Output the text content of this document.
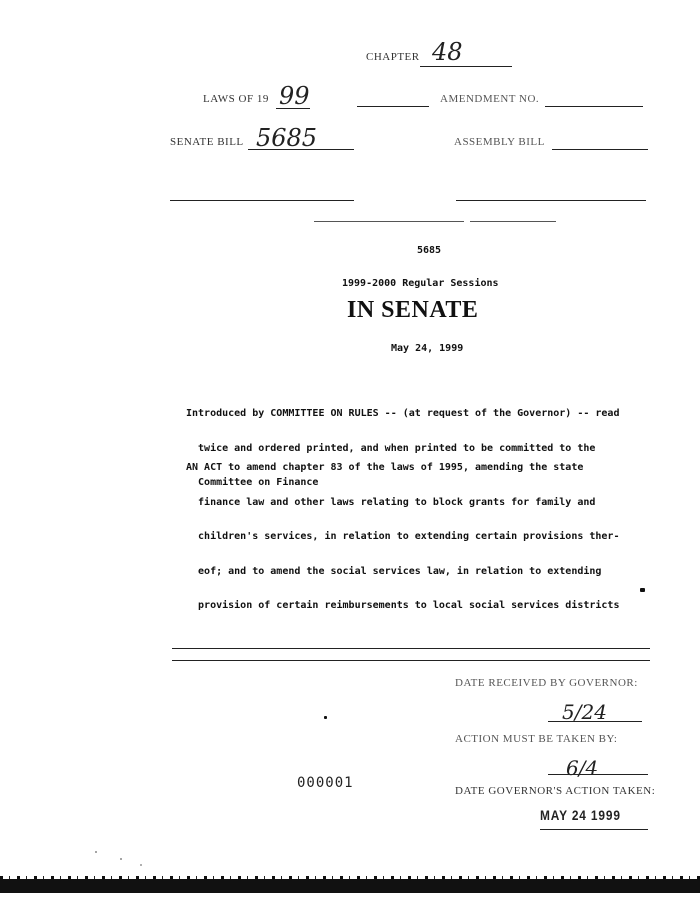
CHAPTER 48
LAWS OF 19 99	AMENDMENT NO.
SENATE BILL 5685	ASSEMBLY BILL
5685
1999-2000 Regular Sessions
IN SENATE
May 24, 1999

Introduced by COMMITTEE ON RULES -- (at request of the Governor) -- read

twice and ordered printed, and when printed to be committed to the

Committee on Finance

AN ACT to amend chapter 83 of the laws of 1995, amending the state

finance law and other laws relating to block grants for family and

children's services, in relation to extending certain provisions ther-

eof; and to amend the social services law, in relation to extending

provision of certain reimbursements to local social services districts

DATE RECEIVED BY GOVERNOR:
5/24
ACTION MUST BE TAKEN BY:
6/4
000001	DATE GOVERNOR'S ACTION TAKEN:
MAY 24 1999
